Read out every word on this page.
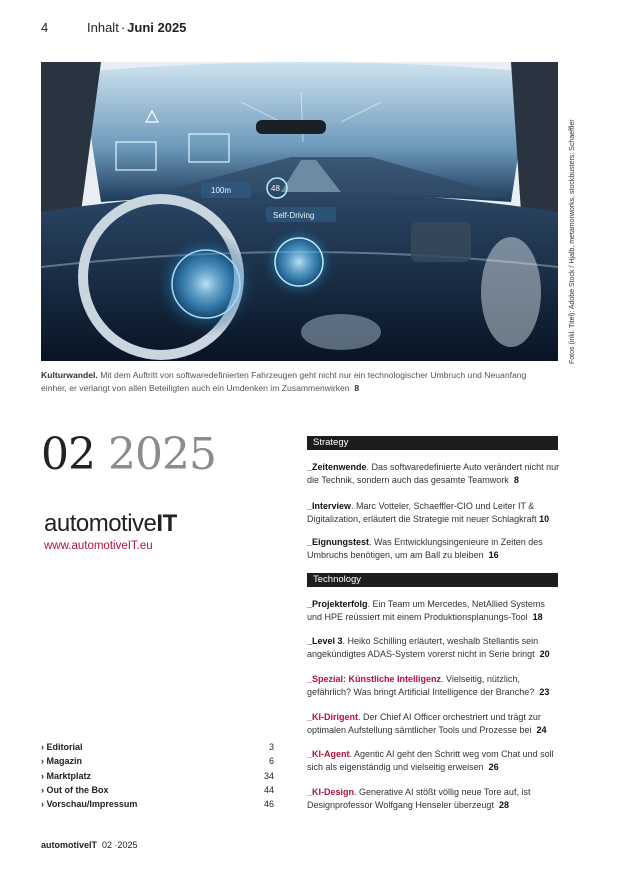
4	Inhalt · Juni 2025
Self-Driving
100m	48	Fotos (inkl. Titel): Adobe Stock / Hjalb, metamorworks, stockbusters; Schaeffler
Kulturwandel. Mit dem Auftritt von softwaredefinierten Fahrzeugen geht nicht nur ein technologischer Umbruch und Neuanfang einher, er verlangt von allen Beteiligten auch ein Umdenken im Zusammenwirken 8
02 2025
automotiveIT
www.automotiveIT.eu
› Editorial	3
› Magazin	6
› Marktplatz	34
› Out of the Box	44
› Vorschau/Impressum	46
automotiveIT 02 ·2025
Strategy
_Zeitenwende. Das softwaredefinierte Auto verändert nicht nur die Technik, sondern auch das gesamte Teamwork 8
_Interview. Marc Votteler, Schaeffler-CIO und Leiter IT & Digitalization, erläutert die Strategie mit neuer Schlagkraft 10
_Eignungstest. Was Entwicklungsingenieure in Zeiten des Umbruchs benötigen, um am Ball zu bleiben 16
Technology
_Projekterfolg. Ein Team um Mercedes, NetAllied Systems und HPE reüssiert mit einem Produktionsplanungs-Tool 18
_Level 3. Heiko Schilling erläutert, weshalb Stellantis sein angekündigtes ADAS-System vorerst nicht in Serie bringt 20
_Spezial: Künstliche Intelligenz. Vielseitig, nützlich, gefährlich? Was bringt Artificial Intelligence der Branche? 23
_KI-Dirigent. Der Chief AI Officer orchestriert und trägt zur optimalen Aufstellung sämtlicher Tools und Prozesse bei 24
_KI-Agent. Agentic AI geht den Schritt weg vom Chat und soll sich als eigenständig und vielseitig erweisen 26
_KI-Design. Generative AI stößt völlig neue Tore auf, ist Designprofessor Wolfgang Henseler überzeugt 28
